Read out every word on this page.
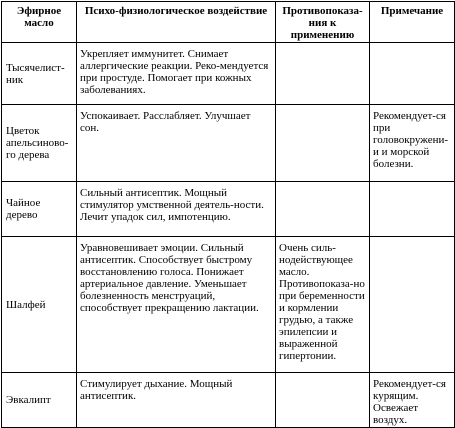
Эфирное масло	Психо-физиологическое воздействие	Противопоказа-ния к применению	Примечание
Тысячелист-ник	Укрепляет иммунитет. Снимает аллергические реакции. Реко-мендуется при простуде. Помогает при кожных заболеваниях.		
Цветок апельсиново-го дерева	Успокаивает. Расслабляет. Улучшает сон.		Рекомендует-ся при головокружени-и и морской болезни.
Чайное дерево	Сильный антисептик. Мощный стимулятор умственной деятель-ности. Лечит упадок сил, импотенцию.		
Шалфей	Уравновешивает эмоции. Сильный антисептик. Способствует быстрому восстановлению голоса. Понижает артериальное давление. Уменьшает болезненность менструаций, способствует прекращению лактации.	Очень силь-нодействующее масло. Противопоказа-но при беременности и кормлении грудью, а также эпилепсии и выраженной гипертонии.	
Эвкалипт	Стимулирует дыхание. Мощный антисептик.		Рекомендует-ся курящим. Освежает воздух.
